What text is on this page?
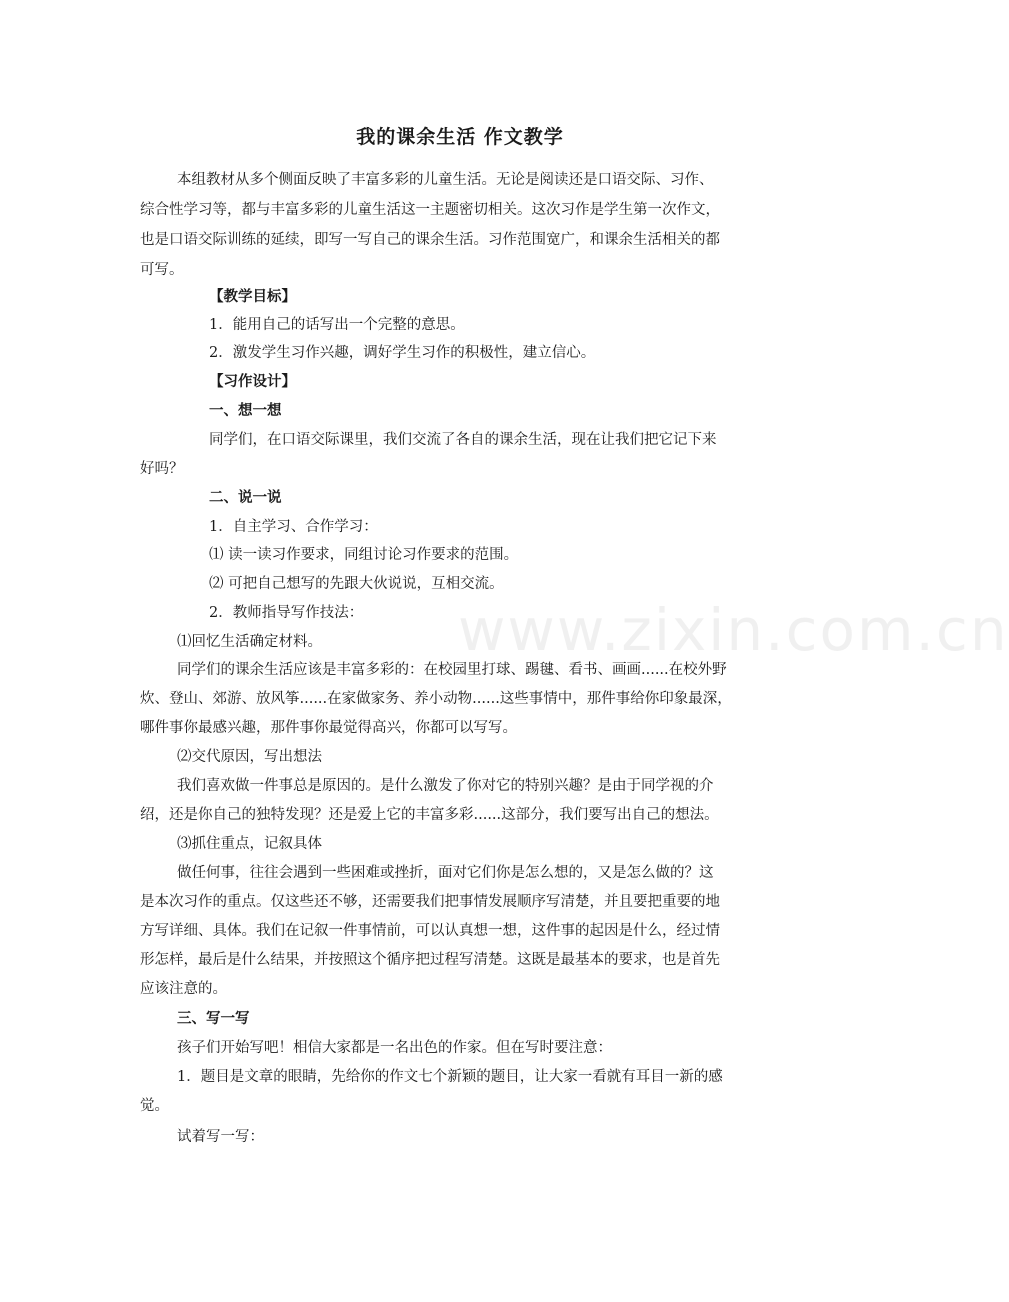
www.zixin.com.cn
我的课余生活 作文教学
本组教材从多个侧面反映了丰富多彩的儿童生活。无论是阅读还是口语交际、习作、
综合性学习等，都与丰富多彩的儿童生活这一主题密切相关。这次习作是学生第一次作文，
也是口语交际训练的延续，即写一写自己的课余生活。习作范围宽广，和课余生活相关的都
可写。
【教学目标】
1．能用自己的话写出一个完整的意思。
2．激发学生习作兴趣，调好学生习作的积极性，建立信心。
【习作设计】
一、想一想
同学们，在口语交际课里，我们交流了各自的课余生活，现在让我们把它记下来
好吗？
二、说一说
1．自主学习、合作学习：
⑴ 读一读习作要求，同组讨论习作要求的范围。
⑵ 可把自己想写的先跟大伙说说，互相交流。
2．教师指导写作技法：
⑴回忆生活确定材料。
同学们的课余生活应该是丰富多彩的：在校园里打球、踢毽、看书、画画......在校外野
炊、登山、郊游、放风筝......在家做家务、养小动物......这些事情中，那件事给你印象最深，
哪件事你最感兴趣，那件事你最觉得高兴，你都可以写写。
⑵交代原因，写出想法
我们喜欢做一件事总是原因的。是什么激发了你对它的特别兴趣？是由于同学视的介
绍，还是你自己的独特发现？还是爱上它的丰富多彩......这部分，我们要写出自己的想法。
⑶抓住重点，记叙具体
做任何事，往往会遇到一些困难或挫折，面对它们你是怎么想的，又是怎么做的？这
是本次习作的重点。仅这些还不够，还需要我们把事情发展顺序写清楚，并且要把重要的地
方写详细、具体。我们在记叙一件事情前，可以认真想一想，这件事的起因是什么，经过情
形怎样，最后是什么结果，并按照这个循序把过程写清楚。这既是最基本的要求，也是首先
应该注意的。
三、写一写
孩子们开始写吧！相信大家都是一名出色的作家。但在写时要注意：
1．题目是文章的眼睛，先给你的作文七个新颖的题目，让大家一看就有耳目一新的感
觉。
试着写一写：
